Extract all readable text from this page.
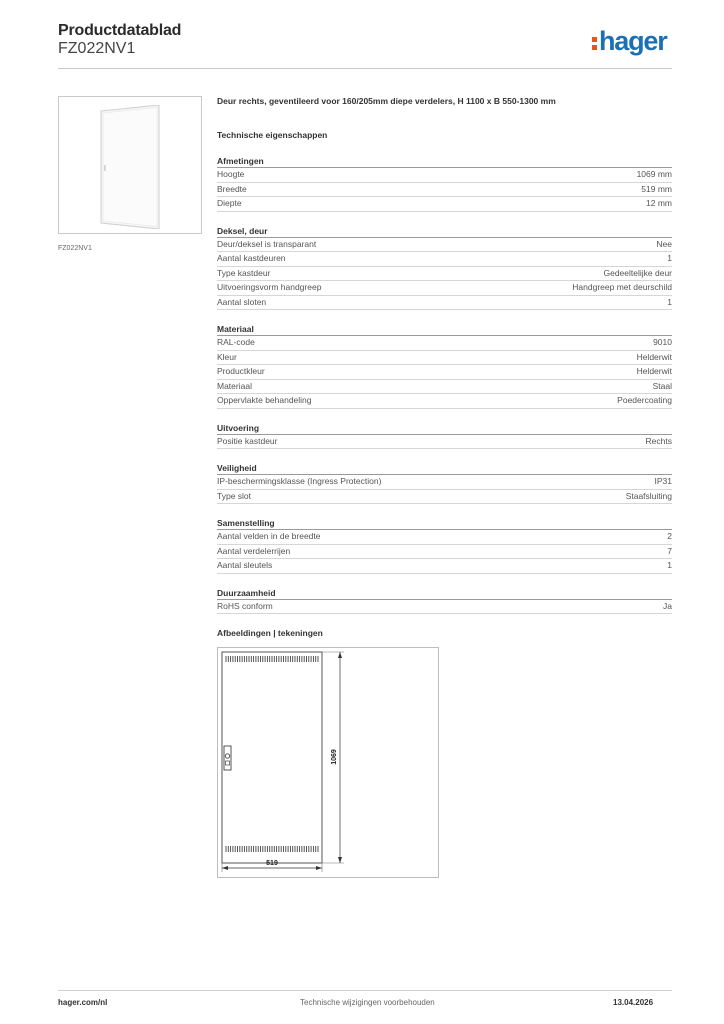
Productdatablad
FZ022NV1	hager
FZ022NV1
Deur rechts, geventileerd voor 160/205mm diepe verdelers, H 1100 x B 550-1300 mm
Technische eigenschappen
Afmetingen
Hoogte	1069 mm
Breedte	519 mm
Diepte	12 mm
Deksel, deur
Deur/deksel is transparant	Nee
Aantal kastdeuren	1
Type kastdeur	Gedeeltelijke deur
Uitvoeringsvorm handgreep	Handgreep met deurschild
Aantal sloten	1
Materiaal
RAL-code	9010
Kleur	Helderwit
Productkleur	Helderwit
Materiaal	Staal
Oppervlakte behandeling	Poedercoating
Uitvoering
Positie kastdeur	Rechts
Veiligheid
IP-beschermingsklasse (Ingress Protection)	IP31
Type slot	Staafsluiting
Samenstelling
Aantal velden in de breedte	2
Aantal verdelerrijen	7
Aantal sleutels	1
Duurzaamheid
RoHS conform	Ja
Afbeeldingen | tekeningen
1069
519
hager.com/nl	Technische wijzigingen voorbehouden	13.04.2026
